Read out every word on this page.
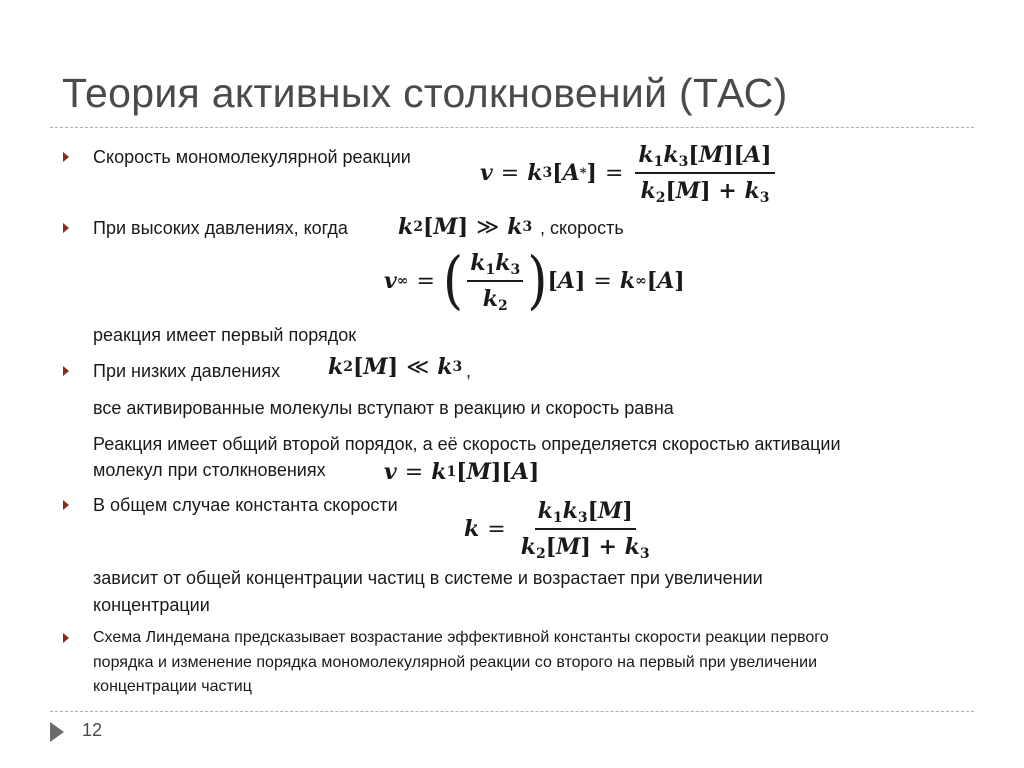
Теория активных столкновений (ТАС)
Скорость мономолекулярной реакции
v = k 3 [ A * ] = $\frac{k_1k_3[M][A]}{k_2[M] + k_3}$
При высоких давлениях, когда k 2 [ M ] ≫ k 3 , скорость
v ∞ = ( $\frac{k_1k_3}{k_2}$ ) [ A ] = k ∞ [ A ]
реакция имеет первый порядок
При низких давлениях k 2 [ M ] ≪ k 3 ,
все активированные молекулы вступают в реакцию и скорость равна
Реакция имеет общий второй порядок, а её скорость определяется скоростью активации
молекул при столкновениях	v = k 1 [ M ][ A ]
В общем случае константа скорости
$k = \frac{k_1k_3[M]}{k_2[M] + k_3}$
зависит от общей концентрации частиц в системе и возрастает при увеличении
концентрации
Схема Линдемана предсказывает возрастание эффективной константы скорости реакции первого
порядка и изменение порядка мономолекулярной реакции со второго на первый при увеличении
концентрации частиц
12
